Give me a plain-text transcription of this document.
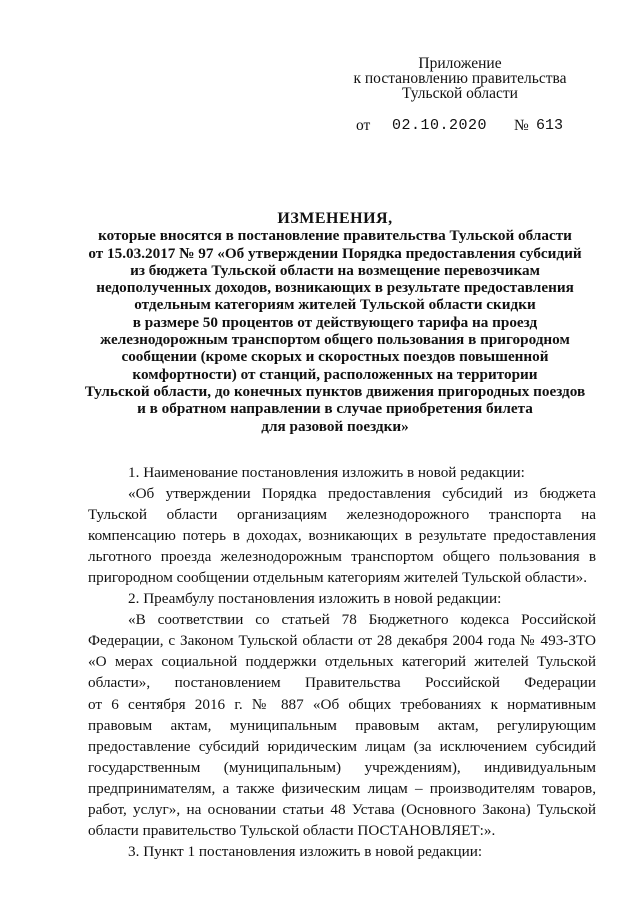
Приложение
к постановлению правительства
Тульской области
от 02.10.2020 № 613
ИЗМЕНЕНИЯ,
которые вносятся в постановление правительства Тульской области
от 15.03.2017 № 97 «Об утверждении Порядка предоставления субсидий
из бюджета Тульской области на возмещение перевозчикам
недополученных доходов, возникающих в результате предоставления
отдельным категориям жителей Тульской области скидки
в размере 50 процентов от действующего тарифа на проезд
железнодорожным транспортом общего пользования в пригородном
сообщении (кроме скорых и скоростных поездов повышенной
комфортности) от станций, расположенных на территории
Тульской области, до конечных пунктов движения пригородных поездов
и в обратном направлении в случае приобретения билета
для разовой поездки»
1. Наименование постановления изложить в новой редакции:
«Об утверждении Порядка предоставления субсидий из бюджета
Тульской области организациям железнодорожного транспорта на
компенсацию потерь в доходах, возникающих в результате предоставления
льготного проезда железнодорожным транспортом общего пользования в
пригородном сообщении отдельным категориям жителей Тульской области».
2. Преамбулу постановления изложить в новой редакции:
«В соответствии со статьей 78 Бюджетного кодекса Российской
Федерации, с Законом Тульской области от 28 декабря 2004 года № 493-ЗТО
«О мерах социальной поддержки отдельных категорий жителей Тульской
области», постановлением Правительства Российской Федерации
от 6 сентября 2016 г. № 887 «Об общих требованиях к нормативным
правовым актам, муниципальным правовым актам, регулирующим
предоставление субсидий юридическим лицам (за исключением субсидий
государственным (муниципальным) учреждениям), индивидуальным
предпринимателям, а также физическим лицам – производителям товаров,
работ, услуг», на основании статьи 48 Устава (Основного Закона) Тульской
области правительство Тульской области ПОСТАНОВЛЯЕТ:».
3. Пункт 1 постановления изложить в новой редакции:
